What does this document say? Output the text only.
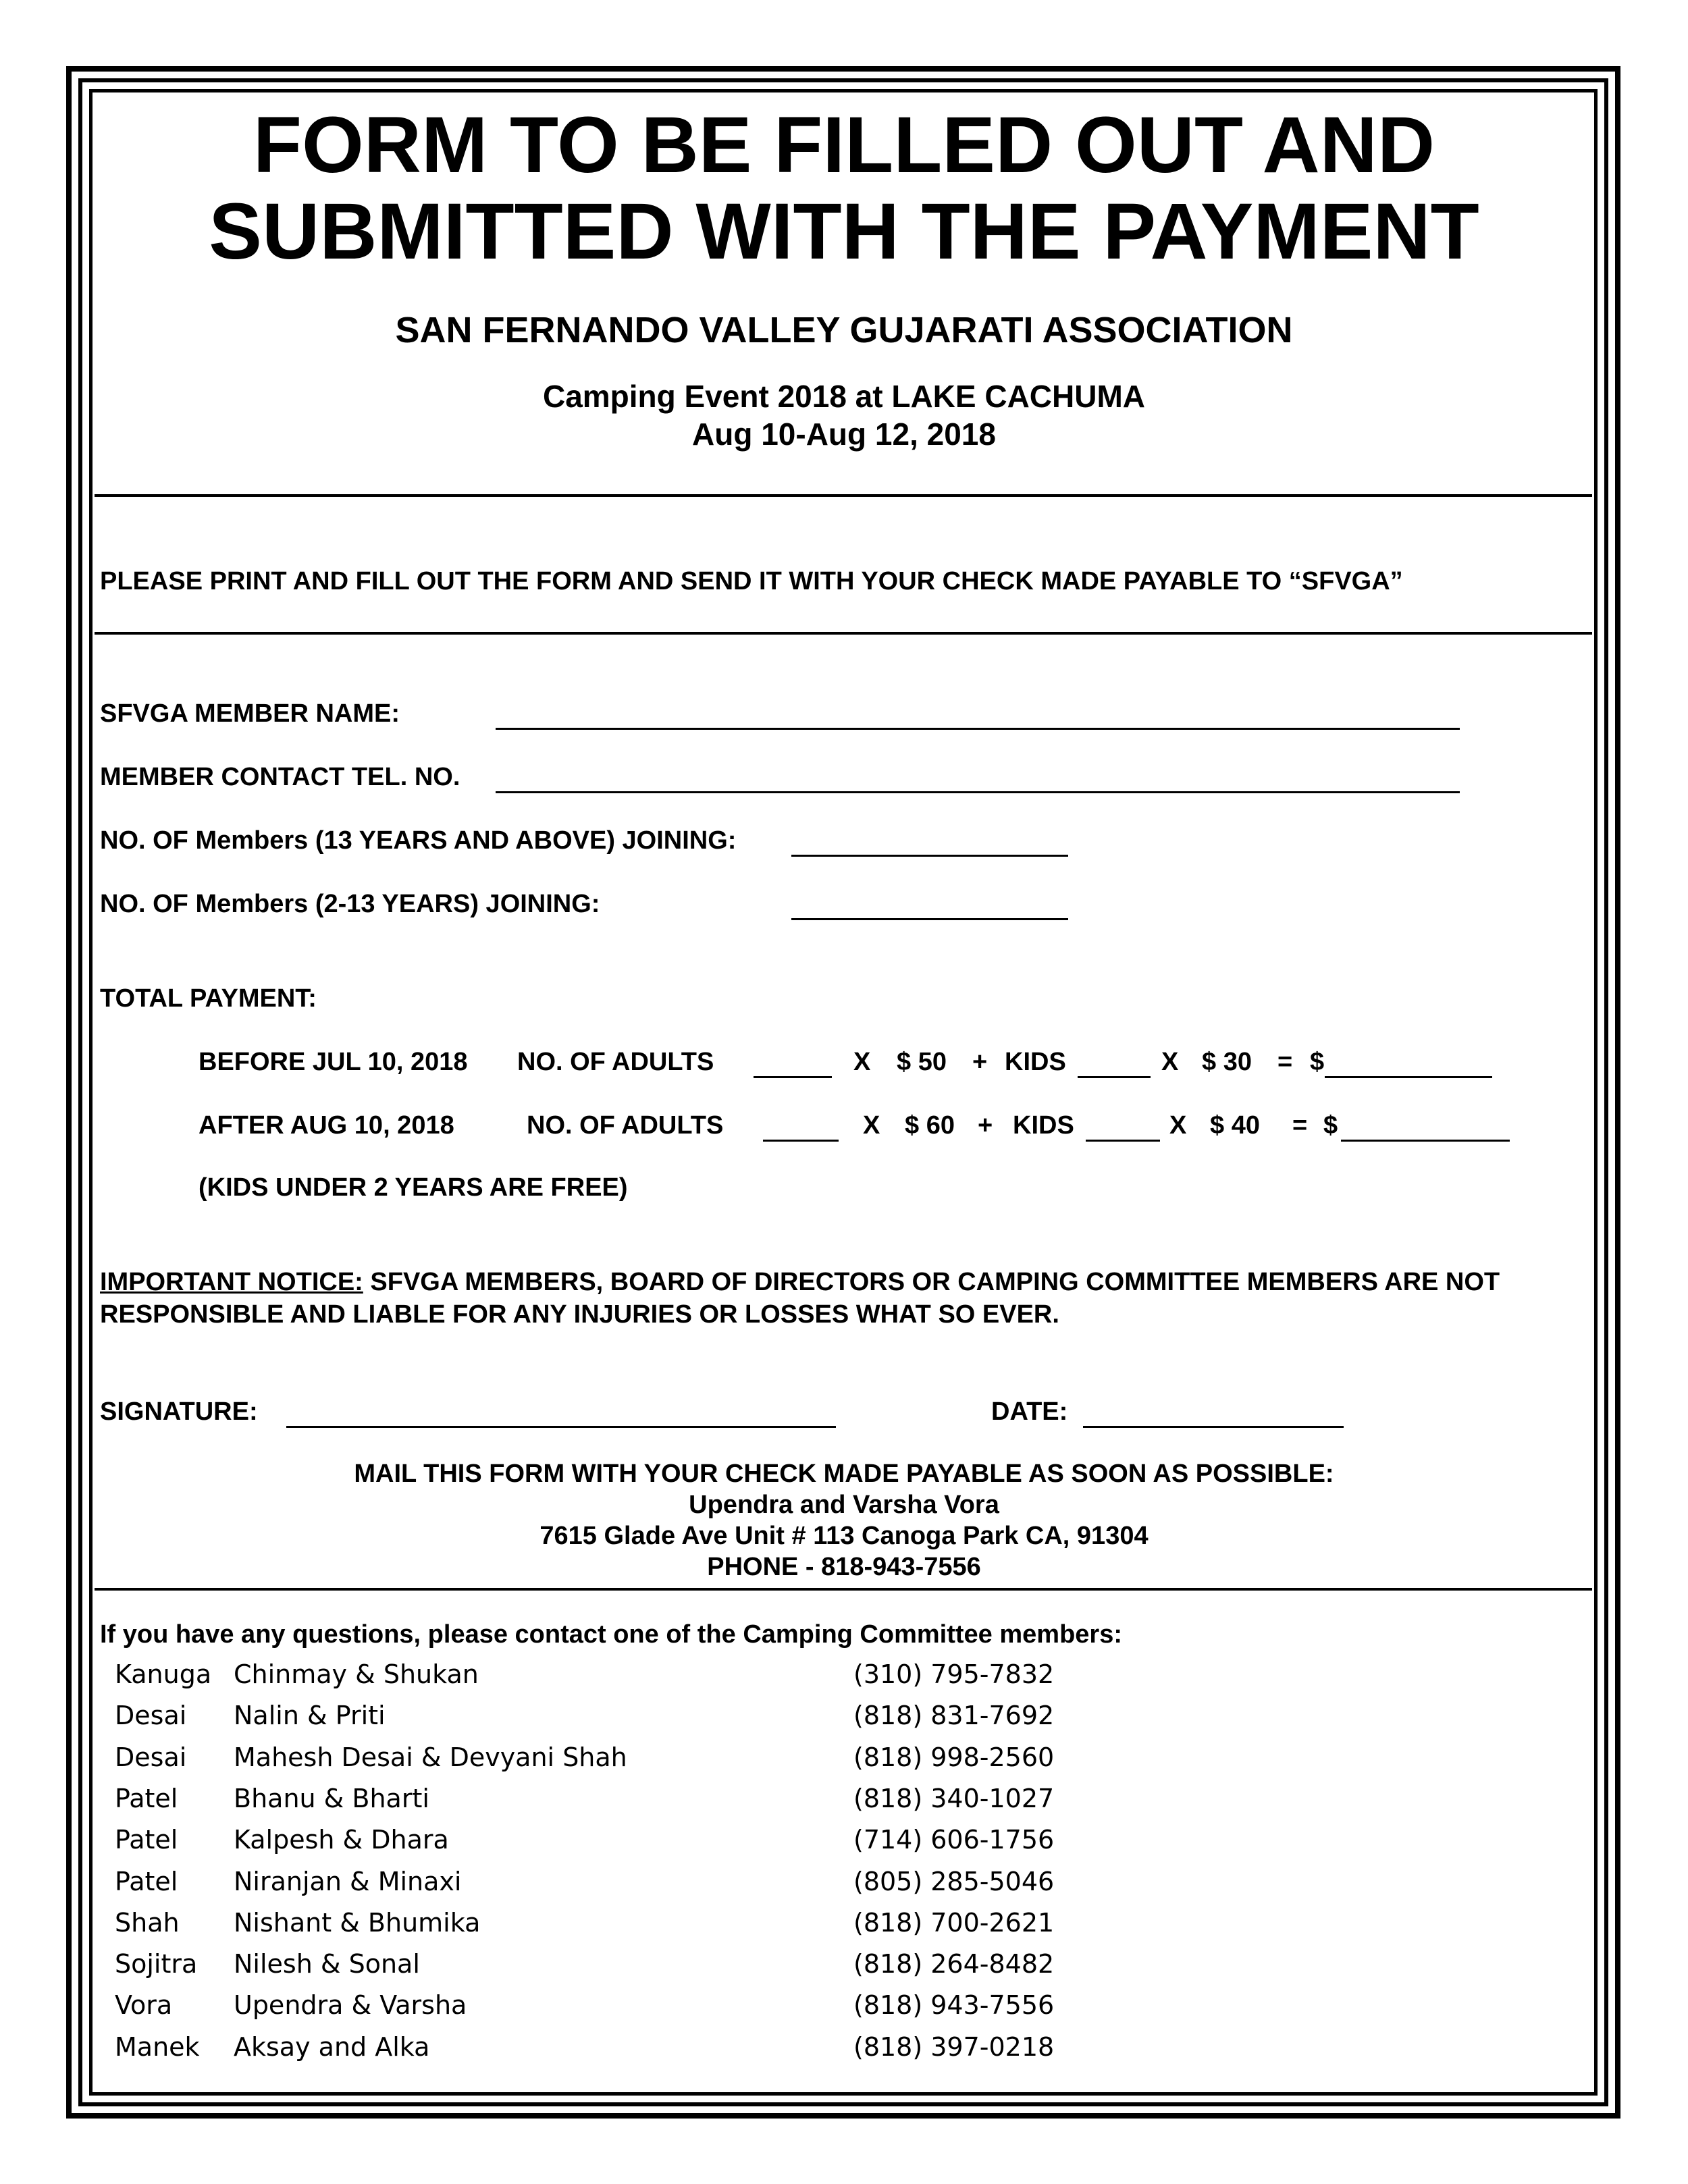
FORM TO BE FILLED OUT AND
SUBMITTED WITH THE PAYMENT
SAN FERNANDO VALLEY GUJARATI ASSOCIATION
Camping Event 2018 at LAKE CACHUMA
Aug 10-Aug 12, 2018
PLEASE PRINT AND FILL OUT THE FORM AND SEND IT WITH YOUR CHECK MADE PAYABLE TO “SFVGA”
SFVGA MEMBER NAME:
MEMBER CONTACT TEL. NO.
NO. OF Members (13 YEARS AND ABOVE) JOINING:
NO. OF Members (2-13 YEARS) JOINING:
TOTAL PAYMENT:
BEFORE JUL 10, 2018 NO. OF ADULTS	X $ 50 + KIDS	X $ 30 = $
AFTER AUG 10, 2018	NO. OF ADULTS	X $ 60 + KIDS	X $ 40 = $
(KIDS UNDER 2 YEARS ARE FREE)
IMPORTANT NOTICE: SFVGA MEMBERS, BOARD OF DIRECTORS OR CAMPING COMMITTEE MEMBERS ARE NOT
RESPONSIBLE AND LIABLE FOR ANY INJURIES OR LOSSES WHAT SO EVER.
SIGNATURE:	DATE:
MAIL THIS FORM WITH YOUR CHECK MADE PAYABLE AS SOON AS POSSIBLE:
Upendra and Varsha Vora
7615 Glade Ave Unit # 113 Canoga Park CA, 91304
PHONE - 818-943-7556
If you have any questions, please contact one of the Camping Committee members:
Kanuga Chinmay & Shukan	(310) 795-7832
Desai Nalin & Priti	(818) 831-7692
Desai Mahesh Desai & Devyani Shah	(818) 998-2560
Patel Bhanu & Bharti	(818) 340-1027
Patel Kalpesh & Dhara	(714) 606-1756
Patel Niranjan & Minaxi	(805) 285-5046
Shah Nishant & Bhumika	(818) 700-2621
Sojitra Nilesh & Sonal	(818) 264-8482
Vora Upendra & Varsha	(818) 943-7556
Manek Aksay and Alka	(818) 397-0218
